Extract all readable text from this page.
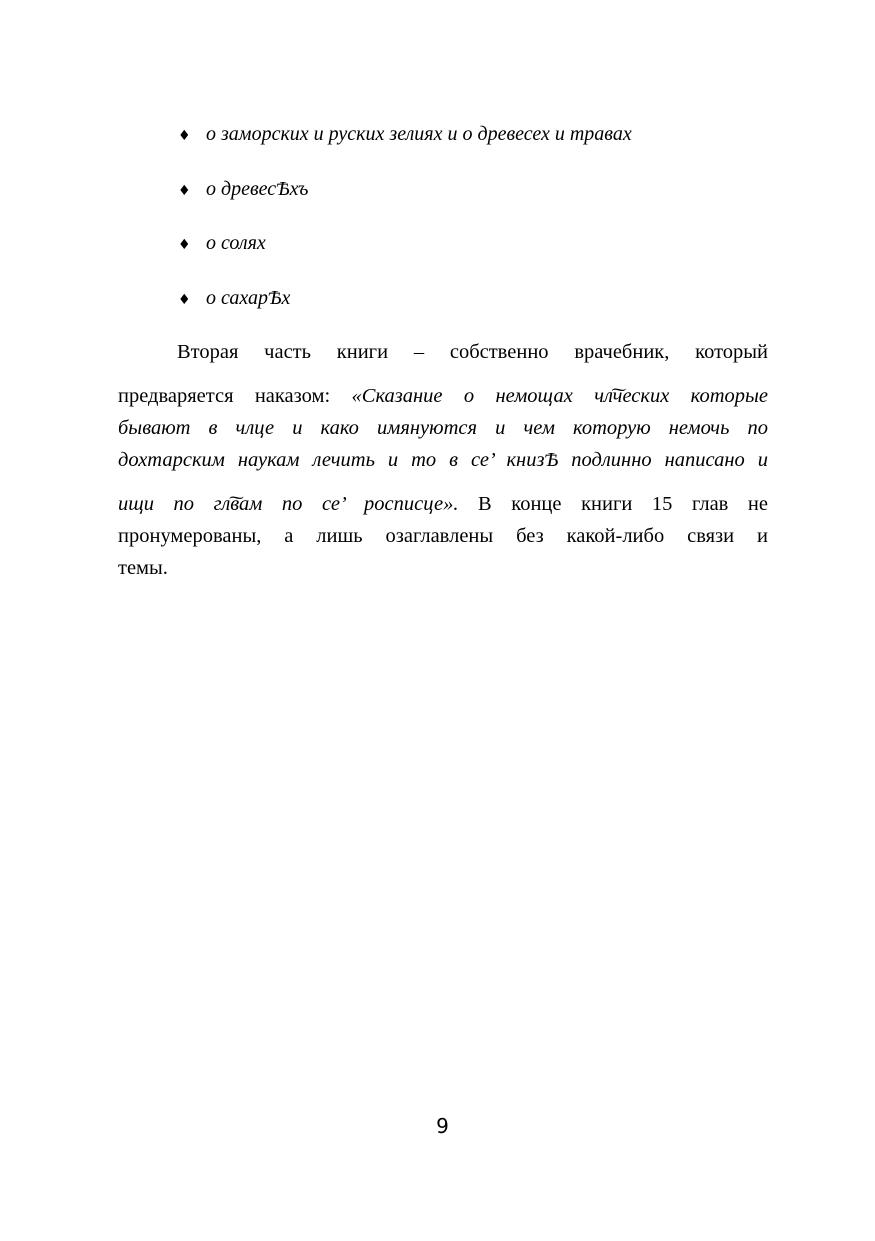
♦ о заморских и руских зелиях и о древесех и травах
♦ о древесѢхъ
♦ о солях
♦ о сахарѢх
Вторая часть книги – собственно врачебник, который
предваряется наказом: «Сказание о немощах чл͠ческих которые
бывают в члце и како имянуются и чем которую немочь по
дохтарским наукам лечить и то в се’ книзѢ подлинно написано и
ищи по гл͠вам по се’ росписце». В конце книги 15 глав не
пронумерованы, а лишь озаглавлены без какой-либо связи и
темы.
9
